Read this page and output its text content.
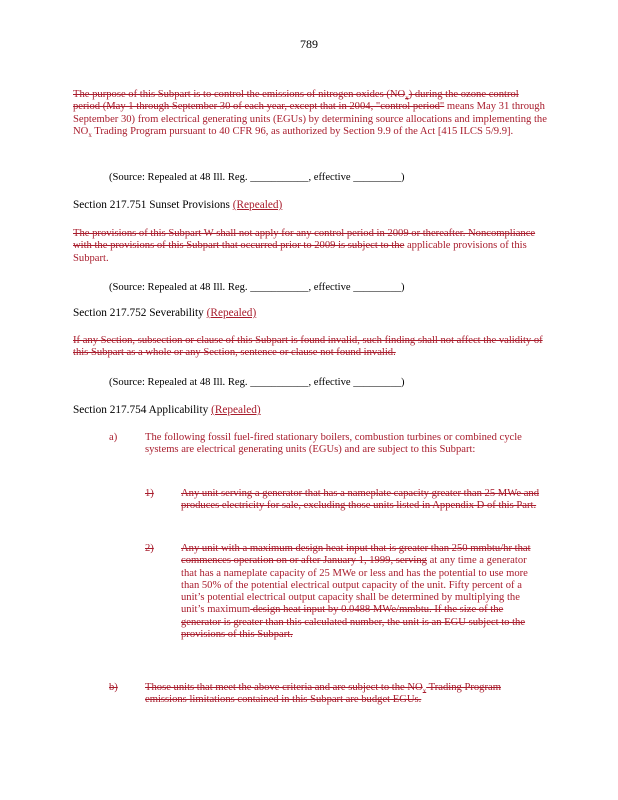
789
The purpose of this Subpart is to control the emissions of nitrogen oxides $(NO_x)$ during the ozone control period (May 1 through September 30 of each year, except that in 2004, "control period" means May 31 through September 30) from electrical generating units (EGUs) by determining source allocations and implementing the $NO_x$ Trading Program pursuant to 40 CFR 96, as authorized by Section 9.9 of the Act [415 ILCS 5/9.9].
(Source: Repealed at 48 Ill. Reg. ___________, effective _________)
Section 217.751 Sunset Provisions (Repealed)
The provisions of this Subpart W shall not apply for any control period in 2009 or thereafter. Noncompliance with the provisions of this Subpart that occurred prior to 2009 is subject to the applicable provisions of this Subpart.
(Source: Repealed at 48 Ill. Reg. ___________, effective _________)
Section 217.752 Severability (Repealed)
If any Section, subsection or clause of this Subpart is found invalid, such finding shall not affect the validity of this Subpart as a whole or any Section, sentence or clause not found invalid.
(Source: Repealed at 48 Ill. Reg. ___________, effective _________)
Section 217.754 Applicability (Repealed)
a)	The following fossil fuel-fired stationary boilers, combustion turbines or combined cycle systems are electrical generating units (EGUs) and are subject to this Subpart:
1)	Any unit serving a generator that has a nameplate capacity greater than 25 MWe and produces electricity for sale, excluding those units listed in Appendix D of this Part.
2)	Any unit with a maximum design heat input that is greater than 250 mmbtu/hr that commences operation on or after January 1, 1999, serving at any time a generator that has a nameplate capacity of 25 MWe or less and has the potential to use more than 50% of the potential electrical output capacity of the unit. Fifty percent of a unit’s potential electrical output capacity shall be determined by multiplying the unit’s maximum design heat input by 0.0488 MWe/mmbtu. If the size of the generator is greater than this calculated number, the unit is an EGU subject to the provisions of this Subpart.
b)	Those units that meet the above criteria and are subject to the $NO_x$ Trading Program emissions limitations contained in this Subpart are budget EGUs.
